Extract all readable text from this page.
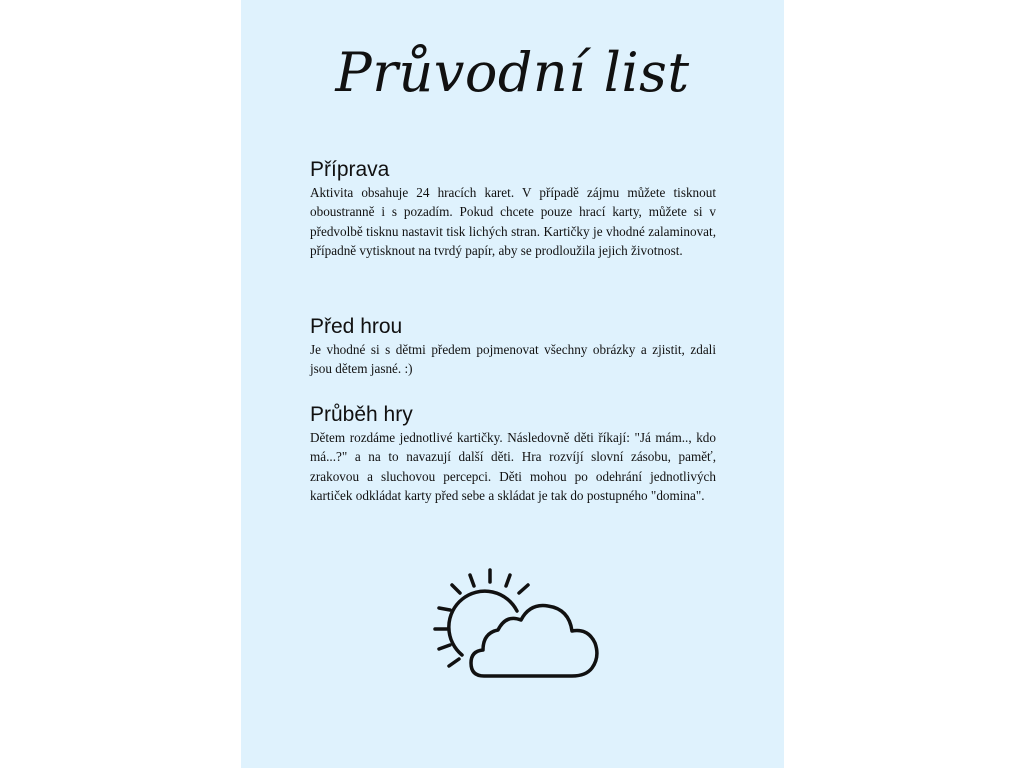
Průvodní list
Příprava

Aktivita obsahuje 24 hracích karet. V případě zájmu můžete tisknout oboustranně i s pozadím. Pokud chcete pouze hrací karty, můžete si v předvolbě tisknu nastavit tisk lichých stran. Kartičky je vhodné zalaminovat, případně vytisknout na tvrdý papír, aby se prodloužila jejich životnost.

Před hrou

Je vhodné si s dětmi předem pojmenovat všechny obrázky a zjistit, zdali jsou dětem jasné. :)

Průběh hry

Dětem rozdáme jednotlivé kartičky. Následovně děti říkají: "Já mám.., kdo má...?" a na to navazují další děti. Hra rozvíjí slovní zásobu, paměť, zrakovou a sluchovou percepci. Děti mohou po odehrání jednotlivých kartiček odkládat karty před sebe a skládat je tak do postupného "domina".
